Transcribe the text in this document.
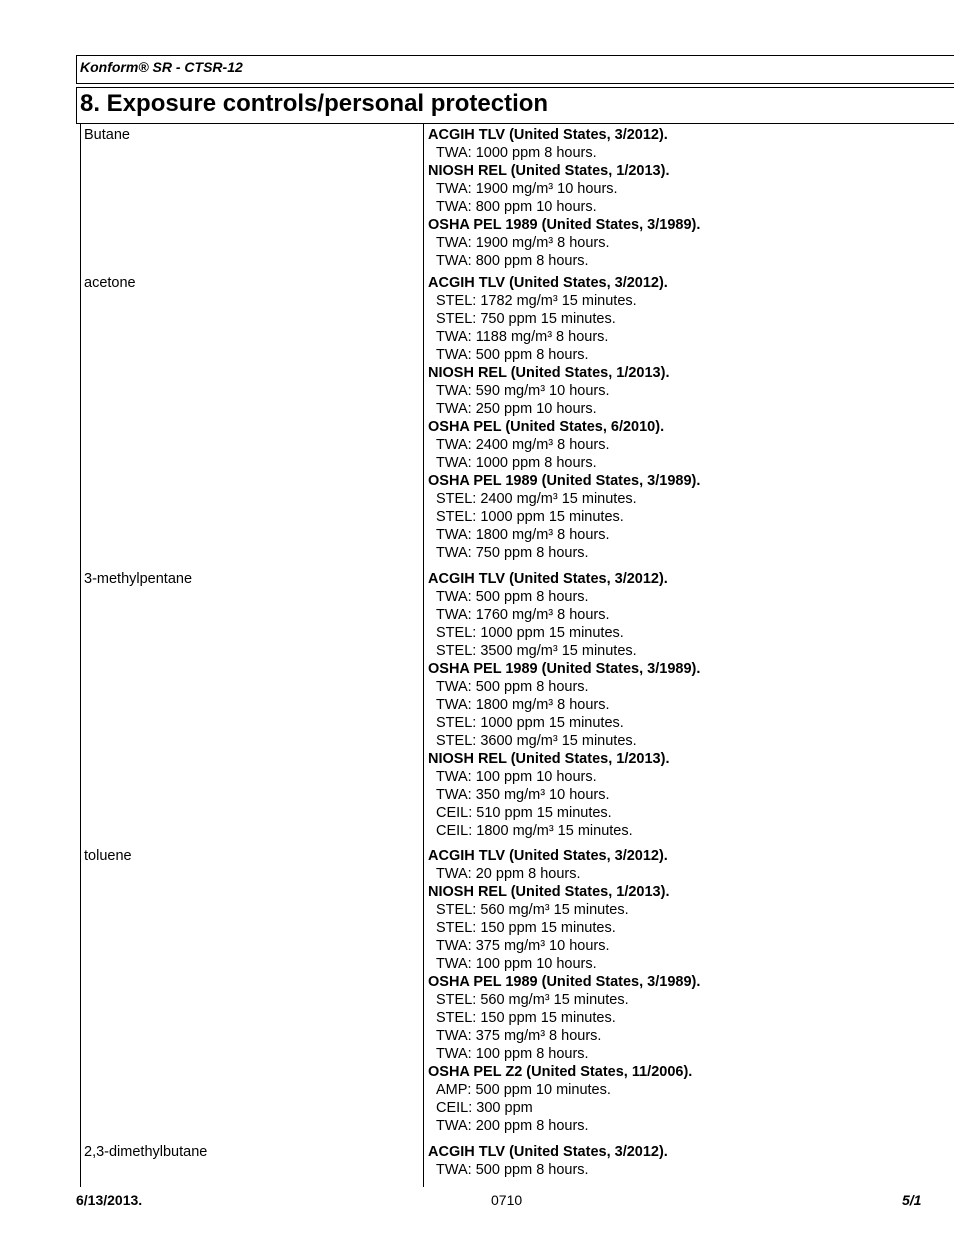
Konform® SR - CTSR-12
8. Exposure controls/personal protection
Butane	ACGIH TLV (United States, 3/2012).
TWA: 1000 ppm 8 hours.
NIOSH REL (United States, 1/2013).
TWA: 1900 mg/m³ 10 hours.
TWA: 800 ppm 10 hours.
OSHA PEL 1989 (United States, 3/1989).
TWA: 1900 mg/m³ 8 hours.
TWA: 800 ppm 8 hours.
acetone	ACGIH TLV (United States, 3/2012).
STEL: 1782 mg/m³ 15 minutes.
STEL: 750 ppm 15 minutes.
TWA: 1188 mg/m³ 8 hours.
TWA: 500 ppm 8 hours.
NIOSH REL (United States, 1/2013).
TWA: 590 mg/m³ 10 hours.
TWA: 250 ppm 10 hours.
OSHA PEL (United States, 6/2010).
TWA: 2400 mg/m³ 8 hours.
TWA: 1000 ppm 8 hours.
OSHA PEL 1989 (United States, 3/1989).
STEL: 2400 mg/m³ 15 minutes.
STEL: 1000 ppm 15 minutes.
TWA: 1800 mg/m³ 8 hours.
TWA: 750 ppm 8 hours.
3-methylpentane	ACGIH TLV (United States, 3/2012).
TWA: 500 ppm 8 hours.
TWA: 1760 mg/m³ 8 hours.
STEL: 1000 ppm 15 minutes.
STEL: 3500 mg/m³ 15 minutes.
OSHA PEL 1989 (United States, 3/1989).
TWA: 500 ppm 8 hours.
TWA: 1800 mg/m³ 8 hours.
STEL: 1000 ppm 15 minutes.
STEL: 3600 mg/m³ 15 minutes.
NIOSH REL (United States, 1/2013).
TWA: 100 ppm 10 hours.
TWA: 350 mg/m³ 10 hours.
CEIL: 510 ppm 15 minutes.
CEIL: 1800 mg/m³ 15 minutes.
toluene	ACGIH TLV (United States, 3/2012).
TWA: 20 ppm 8 hours.
NIOSH REL (United States, 1/2013).
STEL: 560 mg/m³ 15 minutes.
STEL: 150 ppm 15 minutes.
TWA: 375 mg/m³ 10 hours.
TWA: 100 ppm 10 hours.
OSHA PEL 1989 (United States, 3/1989).
STEL: 560 mg/m³ 15 minutes.
STEL: 150 ppm 15 minutes.
TWA: 375 mg/m³ 8 hours.
TWA: 100 ppm 8 hours.
OSHA PEL Z2 (United States, 11/2006).
AMP: 500 ppm 10 minutes.
CEIL: 300 ppm
TWA: 200 ppm 8 hours.
2,3-dimethylbutane	ACGIH TLV (United States, 3/2012).
TWA: 500 ppm 8 hours.
6/13/2013.	0710	5/1
